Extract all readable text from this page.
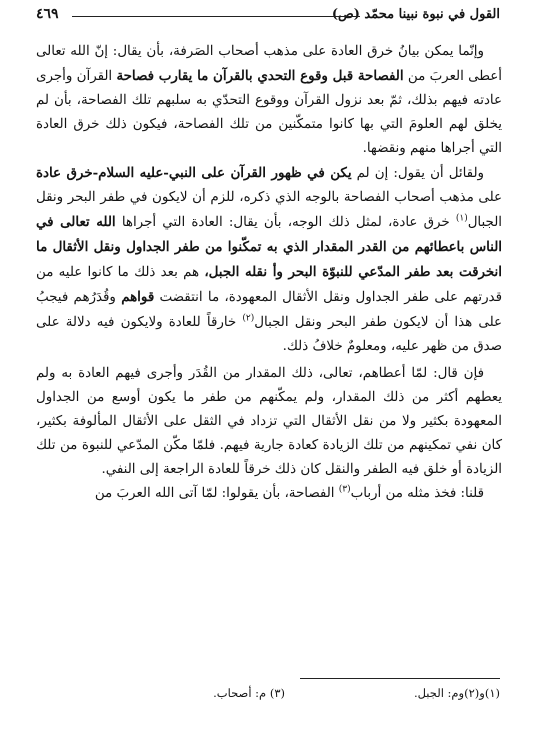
القول في نبوة نبينا محمّد (ص)
٤٦٩

وإنّما يمكن بيانُ خرق العادة على مذهب أصحاب الصَرفة، بأن يقال: إنّ الله تعالى أعطى العربَ من الفصاحة قبل وقوع التحدي بالقرآن ما يقارب فصاحة القرآن وأجرى عادته فيهم بذلك، ثمّ بعد نزول القرآن ووقوع التحدّي به سلبهم تلك الفصاحة، بأن لم يخلق لهم العلومَ التي بها كانوا متمكّنين من تلك الفصاحة، فيكون ذلك خرق العادة التي أجراها منهم ونقضها.

ولقائل أن يقول: إن لم يكن في ظهور القرآن على النبي-عليه السلام-خرق عادة على مذهب أصحاب الفصاحة بالوجه الذي ذكره، للزم أن لايكون في طفر البحر ونقل الجبال$^{(١)}$ خرق عادة، لمثل ذلك الوجه، بأن يقال: العادة التي أجراها الله تعالى في الناس باعطائهم من القدر المقدار الذي به تمكّنوا من طفر الجداول ونقل الأثقال ما انخرقت بعد طفر المدّعي للنبوّة البحر وأ نقله الجبل، هم بعد ذلك ما كانوا عليه من قدرتهم على طفر الجداول ونقل الأثقال المعهودة، ما انتقضت قواهم وقُدَرُهم فيجبُ على هذا أن لايكون طفر البحر ونقل الجبال$^{(٢)}$ خارقاً للعادة ولايكون فيه دلالة على صدق من ظهر عليه، ومعلومٌ خلافُ ذلك.

فإن قال: لمّا أعطاهم، تعالى، ذلك المقدار من القُدَر وأجرى فيهم العادة به ولم يعطهم أكثر من ذلك المقدار، ولم يمكّنهم من طفر ما يكون أوسع من الجداول المعهودة بكثير ولا من نقل الأثقال التي تزداد في الثقل على الأثقال المألوفة بكثير، كان نفي تمكينهم من تلك الزيادة كعادة جارية فيهم. فلمّا مكّن المدّعي للنبوة من تلك الزيادة أو خلق فيه الطفر والنقل كان ذلك خرقاً للعادة الراجعة إلى النفي.

قلنا: فخذ مثله من أرباب$^{(٣)}$ الفصاحة، بأن يقولوا: لمّا آتى الله العربَ من

(١)و(٢)وم: الجبل.
(٣) م: أصحاب.
